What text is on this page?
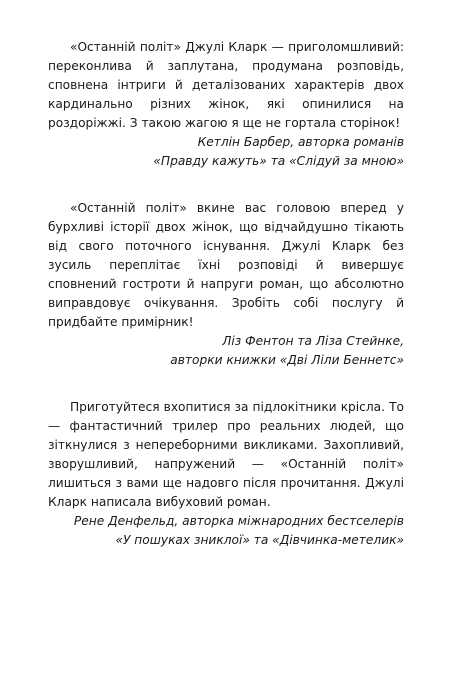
«Останній політ» Джулі Кларк — приголомшливий: переконлива й заплутана, продумана розповідь, сповнена інтриги й деталізованих характерів двох кардинально різних жінок, які опинилися на роздоріжжі. З такою жагою я ще не гортала сторінок!

Кетлін Барбер, авторка романів
«Правду кажуть» та «Слідуй за мною»

«Останній політ» вкине вас головою вперед у бурхливі історії двох жінок, що відчайдушно тікають від свого поточного існування. Джулі Кларк без зусиль переплітає їхні розповіді й вивершує сповнений гостроти й напруги роман, що абсолютно виправдовує очікування. Зробіть собі послугу й придбайте примірник!

Ліз Фентон та Ліза Стейнке,
авторки книжки «Дві Ліли Беннетс»

Приготуйтеся вхопитися за підлокітники крісла. То — фантастичний трилер про реальних людей, що зіткнулися з непереборними викликами. Захопливий, зворушливий, напружений — «Останній політ» лишиться з вами ще надовго після прочитання. Джулі Кларк написала вибуховий роман.

Рене Денфельд, авторка міжнародних бестселерів
«У пошуках зниклої» та «Дівчинка-метелик»
